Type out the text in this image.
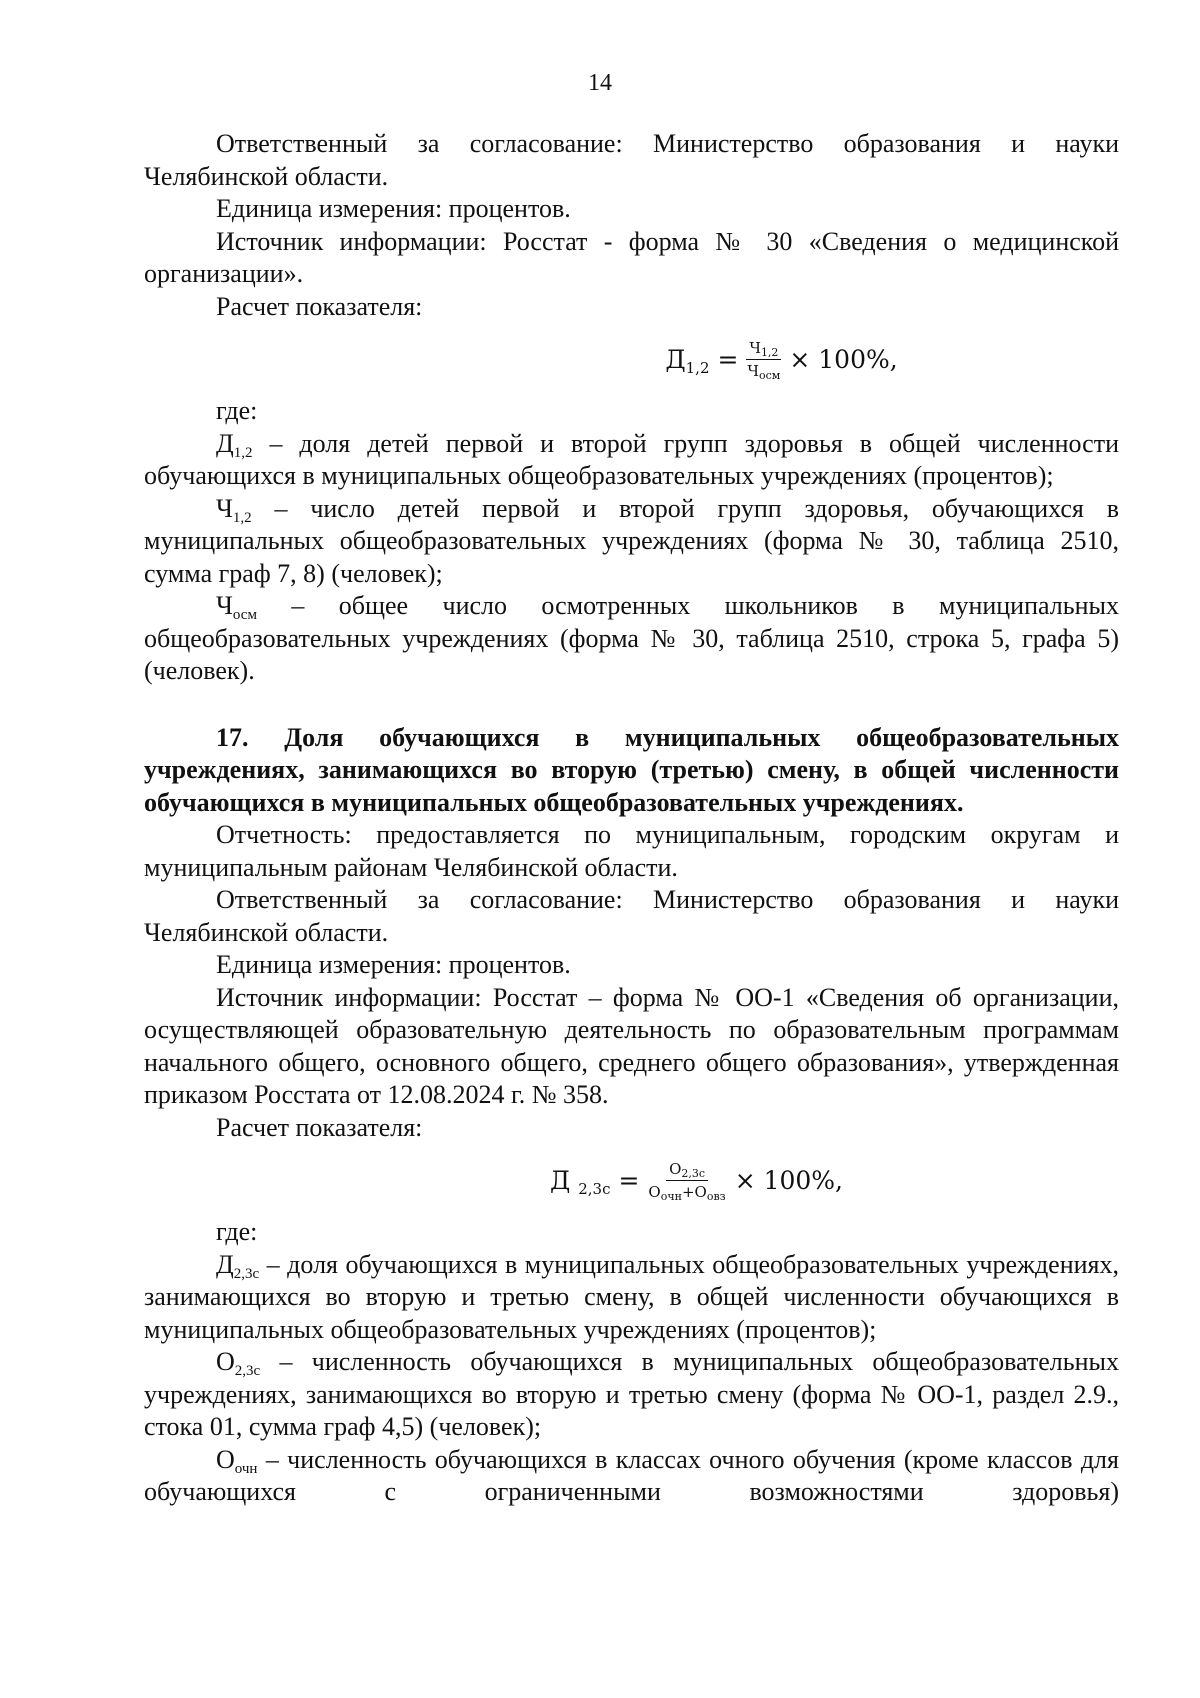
14

Ответственный за согласование: Министерство образования и науки Челябинской области.

Единица измерения: процентов.

Источник информации: Росстат - форма № 30 «Сведения о медицинской организации».

Расчет показателя:

$Д_{1,2}$
= $\frac{Ч_{1,2}}{Ч_{осм}} \times 100\%$,

где:

$Д_{1,2}$ – доля детей первой и второй групп здоровья в общей численности обучающихся в муниципальных общеобразовательных учреждениях (процентов);

$Ч_{1,2}$ – число детей первой и второй групп здоровья, обучающихся в муниципальных общеобразовательных учреждениях (форма № 30, таблица 2510, сумма граф 7, 8) (человек);

$Ч_{осм}$ – общее число осмотренных школьников в муниципальных общеобразовательных учреждениях (форма № 30, таблица 2510, строка 5, графа 5) (человек).

17. Доля обучающихся в муниципальных общеобразовательных учреждениях, занимающихся во вторую (третью) смену, в общей численности обучающихся в муниципальных общеобразовательных учреждениях.

Отчетность: предоставляется по муниципальным, городским округам и муниципальным районам Челябинской области.

Ответственный за согласование: Министерство образования и науки Челябинской области.

Единица измерения: процентов.

Источник информации: Росстат – форма № ОО-1 «Сведения об организации, осуществляющей образовательную деятельность по образовательным программам начального общего, основного общего, среднего общего образования», утвержденная приказом Росстата от 12.08.2024 г. № 358.

Расчет показателя:

Д $_{2,3с}$
= $\frac{О_{2,3с}}{О_{очн}+О_{овз}} \times 100\%$,

где:

$Д_{2,3с}$ – доля обучающихся в муниципальных общеобразовательных учреждениях, занимающихся во вторую и третью смену, в общей численности обучающихся в муниципальных общеобразовательных учреждениях (процентов);

$О_{2,3с}$ – численность обучающихся в муниципальных общеобразовательных учреждениях, занимающихся во вторую и третью смену (форма № ОО-1, раздел 2.9., стока 01, сумма граф 4,5) (человек);

$О_{очн}$ – численность обучающихся в классах очного обучения (кроме классов для обучающихся с ограниченными возможностями здоровья)
